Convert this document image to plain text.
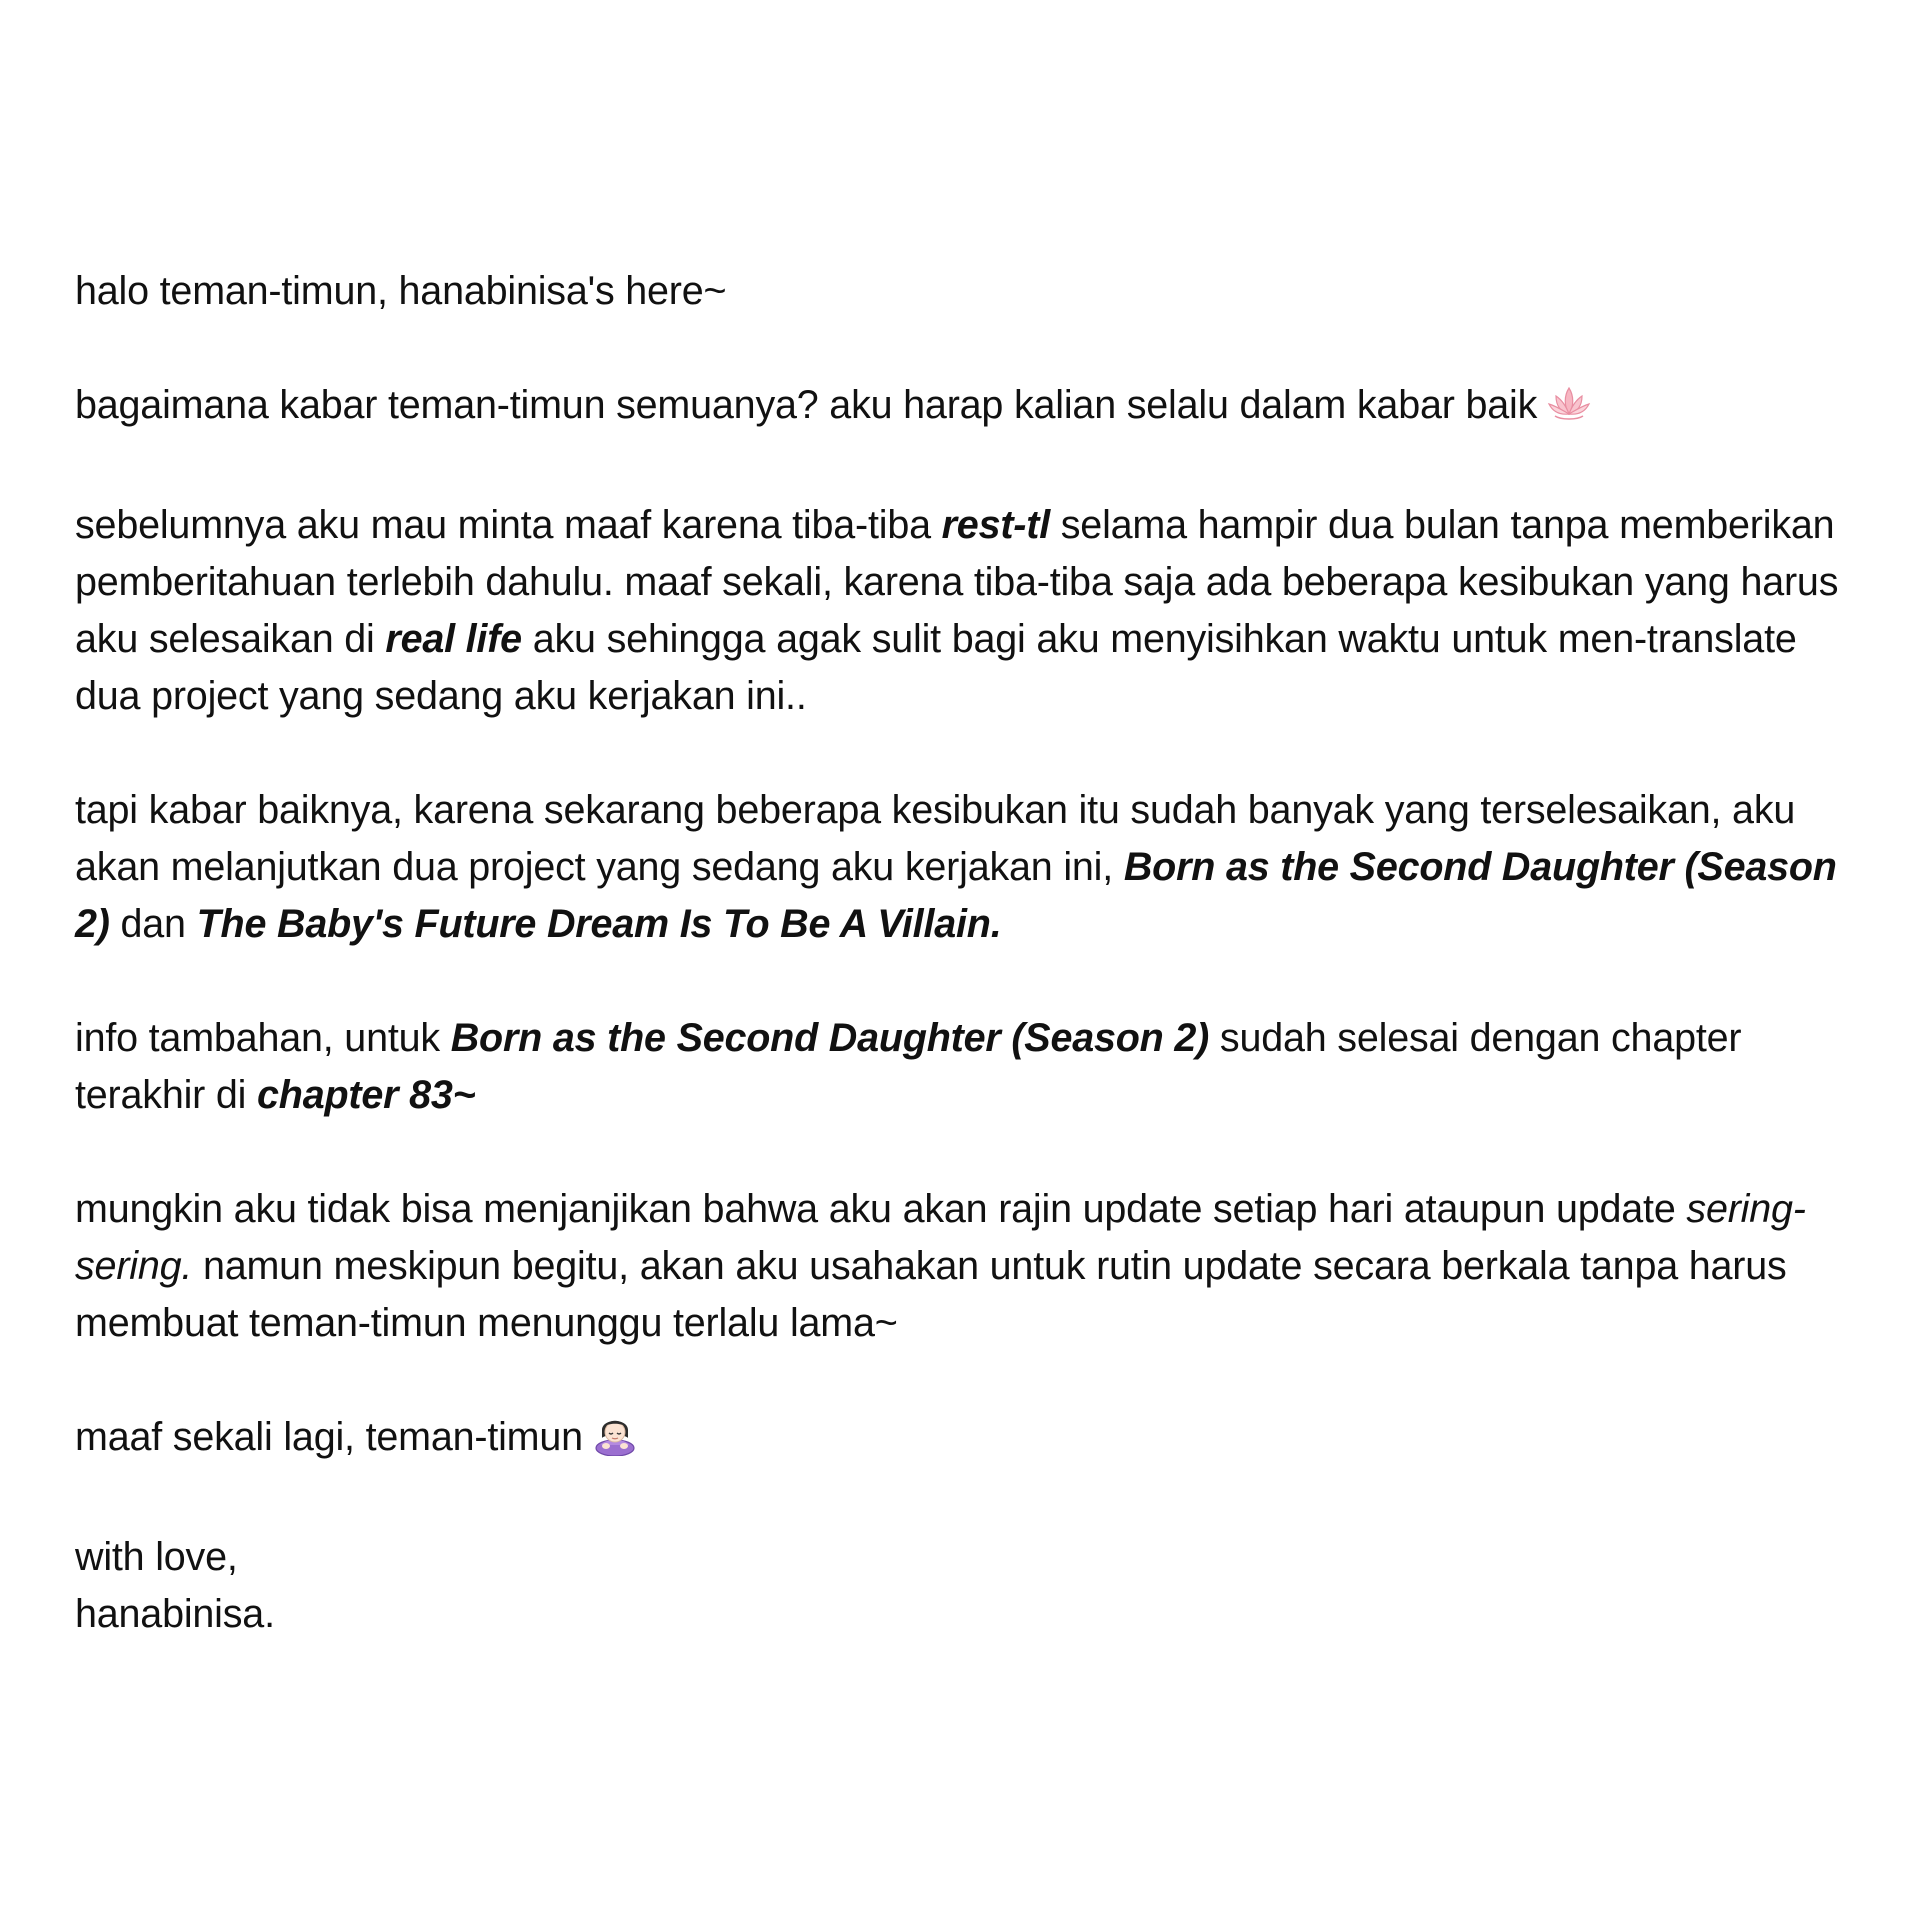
halo teman-timun, hanabinisa's here~

bagaimana kabar teman-timun semuanya? aku harap kalian selalu dalam kabar baik

sebelumnya aku mau minta maaf karena tiba-tiba rest-tl selama hampir dua bulan tanpa memberikan pemberitahuan terlebih dahulu. maaf sekali, karena tiba-tiba saja ada beberapa kesibukan yang harus aku selesaikan di real life aku sehingga agak sulit bagi aku menyisihkan waktu untuk men-translate dua project yang sedang aku kerjakan ini..

tapi kabar baiknya, karena sekarang beberapa kesibukan itu sudah banyak yang terselesaikan, aku akan melanjutkan dua project yang sedang aku kerjakan ini, Born as the Second Daughter (Season 2) dan The Baby's Future Dream Is To Be A Villain.

info tambahan, untuk Born as the Second Daughter (Season 2) sudah selesai dengan chapter terakhir di chapter 83~

mungkin aku tidak bisa menjanjikan bahwa aku akan rajin update setiap hari ataupun update sering-sering. namun meskipun begitu, akan aku usahakan untuk rutin update secara berkala tanpa harus membuat teman-timun menunggu terlalu lama~

maaf sekali lagi, teman-timun

with love,

hanabinisa.
